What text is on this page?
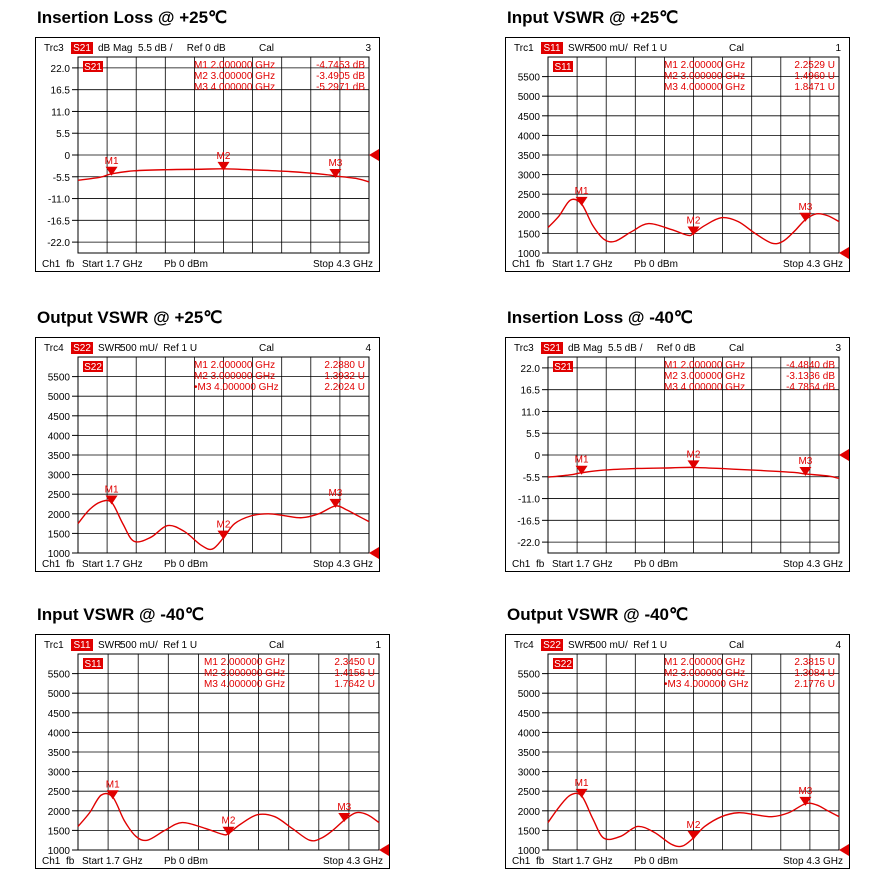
Insertion Loss @ +25℃
Trc3 S21 dB Mag 5.5 dB / Ref 0 dB	Cal	3
22.0
16.5
11.0
5.5
0
-5.5
-11.0
-16.5
-22.0
S21	M1 2.000000 GHz	-4.7453 dB
M2 3.000000 GHz	-3.4905 dB
M3 4.000000 GHz	-5.2971 dB
M1	M2
M3
Ch1 fb Start 1.7 GHz Pb 0 dBm	Stop 4.3 GHz
Input VSWR @ +25℃
Trc1 S11 SWR
500 mU/ Ref 1 U	Cal	1
5500
5000
4500
4000
3500
3000
2500
2000
1500
1000
S11	M1 2.000000 GHz	2.2529 U
M2 3.000000 GHz	1.4960 U
M3 4.000000 GHz	1.8471 U
M1
M2
M3
Ch1 fb Start 1.7 GHz Pb 0 dBm	Stop 4.3 GHz
Output VSWR @ +25℃
Trc4 S22 SWR
500 mU/ Ref 1 U	Cal	4
5500
5000
4500
4000
3500
3000
2500
2000
1500
1000
S22	M1 2.000000 GHz	2.2880 U
M2 3.000000 GHz	1.3932 U
•M3 4.000000 GHz	2.2024 U
M1
M2
M3
Ch1 fb Start 1.7 GHz Pb 0 dBm	Stop 4.3 GHz
Insertion Loss @ -40℃
Trc3 S21 dB Mag 5.5 dB / Ref 0 dB	Cal	3
22.0
16.5
11.0
5.5
0
-5.5
-11.0
-16.5
-22.0
S21	M1 2.000000 GHz	-4.4840 dB
M2 3.000000 GHz	-3.1336 dB
M3 4.000000 GHz	-4.7864 dB
M1	M2
M3
Ch1 fb Start 1.7 GHz Pb 0 dBm	Stop 4.3 GHz
Input VSWR @ -40℃
Trc1 S11 SWR
500 mU/ Ref 1 U	Cal	1
5500
5000
4500
4000
3500
3000
2500
2000
1500
1000
S11	M1 2.000000 GHz	2.3450 U
M2 3.000000 GHz	1.4156 U
M3 4.000000 GHz	1.7642 U
M1
M2
M3
Ch1 fb Start 1.7 GHz Pb 0 dBm	Stop 4.3 GHz
Output VSWR @ -40℃
Trc4 S22 SWR
500 mU/ Ref 1 U	Cal	4
5500
5000
4500
4000
3500
3000
2500
2000
1500
1000
S22	M1 2.000000 GHz	2.3815 U
M2 3.000000 GHz	1.3084 U
•M3 4.000000 GHz	2.1776 U
M1
M2
M3
Ch1 fb Start 1.7 GHz Pb 0 dBm	Stop 4.3 GHz
